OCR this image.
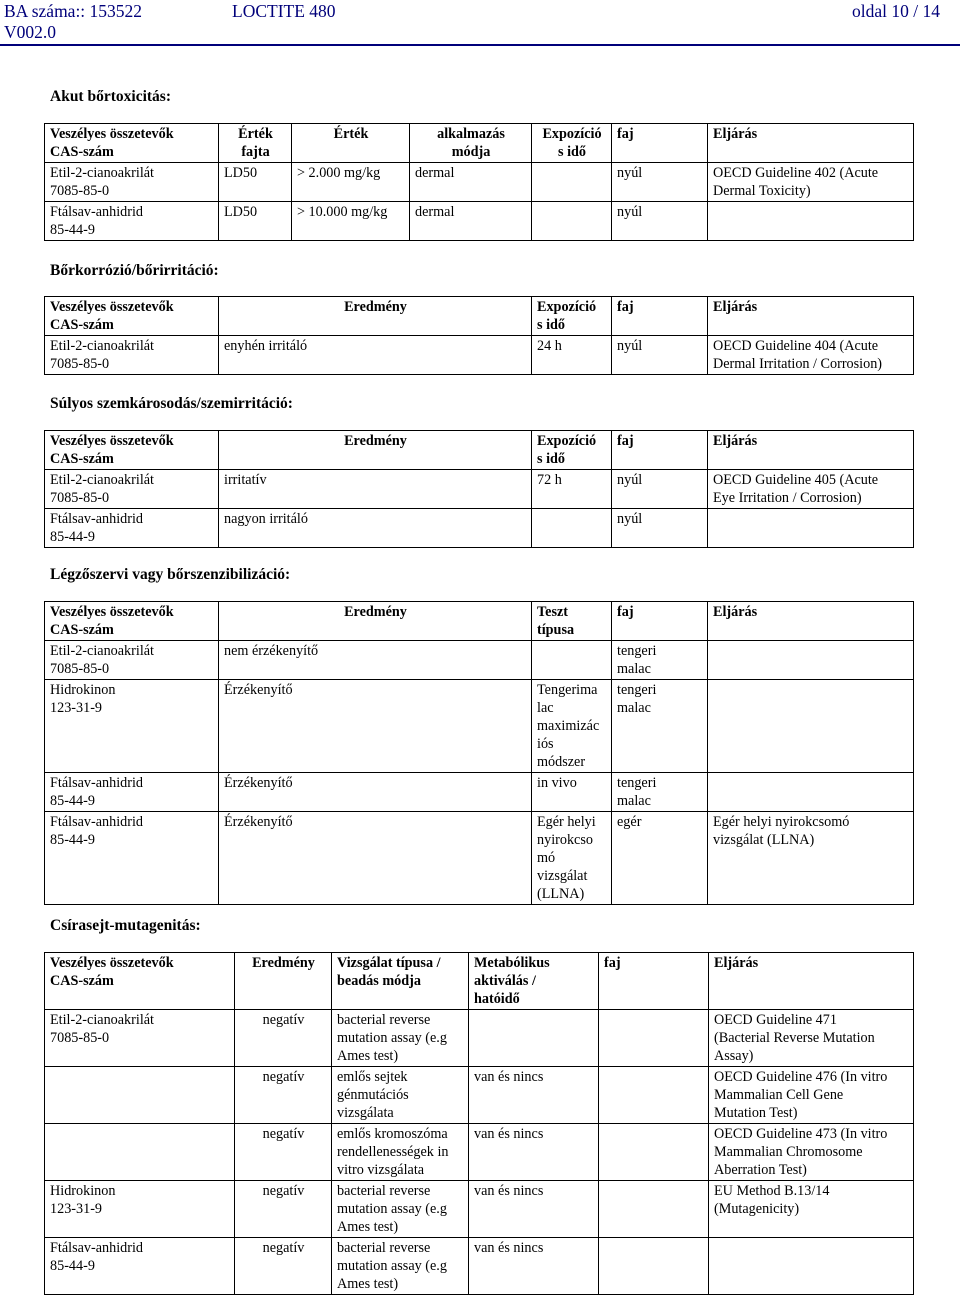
BA száma:: 153522	LOCTITE 480	oldal 10 / 14
V002.0
Akut bőrtoxicitás:
Veszélyes összetevők
CAS-szám	Érték
fajta	Érték	alkalmazás
módja	Expozíció
s idő	faj	Eljárás

Etil-2-cianoakrilát
7085-85-0	LD50	> 2.000 mg/kg	dermal		nyúl	OECD Guideline 402 (Acute
Dermal Toxicity)

Ftálsav-anhidrid
85-44-9	LD50	> 10.000 mg/kg	dermal		nyúl	
Bőrkorrózió/bőrirritáció:
Veszélyes összetevők
CAS-szám	Eredmény	Expozíció
s idő	faj	Eljárás

Etil-2-cianoakrilát
7085-85-0	enyhén irritáló	24 h	nyúl	OECD Guideline 404 (Acute
Dermal Irritation / Corrosion)
Súlyos szemkárosodás/szemirritáció:
Veszélyes összetevők
CAS-szám	Eredmény	Expozíció
s idő	faj	Eljárás

Etil-2-cianoakrilát
7085-85-0	irritatív	72 h	nyúl	OECD Guideline 405 (Acute
Eye Irritation / Corrosion)

Ftálsav-anhidrid
85-44-9	nagyon irritáló		nyúl	
Légzőszervi vagy bőrszenzibilizáció:
Veszélyes összetevők
CAS-szám	Eredmény	Teszt
típusa	faj	Eljárás

Etil-2-cianoakrilát
7085-85-0	nem érzékenyítő		tengeri
malac	

Hidrokinon
123-31-9	Érzékenyítő	Tengerima
lac
maximizác
iós
módszer	tengeri
malac	

Ftálsav-anhidrid
85-44-9	Érzékenyítő	in vivo	tengeri
malac	

Ftálsav-anhidrid
85-44-9	Érzékenyítő	Egér helyi
nyirokcso
mó
vizsgálat
(LLNA)	egér	Egér helyi nyirokcsomó
vizsgálat (LLNA)
Csírasejt-mutagenitás:
Veszélyes összetevők
CAS-szám	Eredmény	Vizsgálat típusa /
beadás módja	Metabólikus
aktiválás /
hatóidő	faj	Eljárás

Etil-2-cianoakrilát
7085-85-0	negatív	bacterial reverse
mutation assay (e.g
Ames test)			OECD Guideline 471
(Bacterial Reverse Mutation
Assay)

	negatív	emlős sejtek
génmutációs
vizsgálata	van és nincs		OECD Guideline 476 (In vitro
Mammalian Cell Gene
Mutation Test)

	negatív	emlős kromoszóma
rendellenességek in
vitro vizsgálata	van és nincs		OECD Guideline 473 (In vitro
Mammalian Chromosome
Aberration Test)

Hidrokinon
123-31-9	negatív	bacterial reverse
mutation assay (e.g
Ames test)	van és nincs		EU Method B.13/14
(Mutagenicity)

Ftálsav-anhidrid
85-44-9	negatív	bacterial reverse
mutation assay (e.g
Ames test)	van és nincs		
